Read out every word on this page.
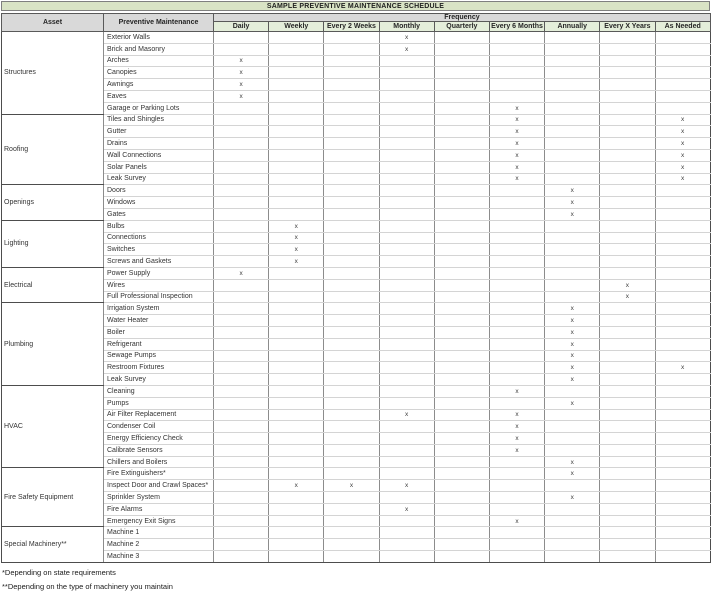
SAMPLE PREVENTIVE MAINTENANCE SCHEDULE
Asset	Preventive Maintenance	Frequency								
		Daily	Weekly	Every 2 Weeks	Monthly	Quarterly	Every 6 Months	Annually	Every X Years	As Needed
Structures	Exterior Walls				x					
	Brick and Masonry				x					
	Arches	x								
	Canopies	x								
	Awnings	x								
	Eaves	x								
	Garage or Parking Lots						x			
Roofing	Tiles and Shingles						x			x
	Gutter						x			x
	Drains						x			x
	Wall Connections						x			x
	Solar Panels						x			x
	Leak Survey						x			x
Openings	Doors							x		
	Windows							x		
	Gates							x		
Lighting	Bulbs		x							
	Connections		x							
	Switches		x							
	Screws and Gaskets		x							
Electrical	Power Supply	x								
	Wires								x	
	Full Professional Inspection								x	
Plumbing	Irrigation System							x		
	Water Heater							x		
	Boiler							x		
	Refrigerant							x		
	Sewage Pumps							x		
	Restroom Fixtures							x		x
	Leak Survey							x		
HVAC	Cleaning						x			
	Pumps							x		
	Air Filter Replacement				x		x			
	Condenser Coil						x			
	Energy Efficiency Check						x			
	Calibrate Sensors						x			
	Chillers and Boilers							x		
Fire Safety Equipment	Fire Extinguishers*							x		
	Inspect Door and Crawl Spaces*		x	x	x					
	Sprinkler System							x		
	Fire Alarms				x					
	Emergency Exit Signs						x			
Special Machinery**	Machine 1									
	Machine 2									
	Machine 3									
*Depending on state requirements
**Depending on the type of machinery you maintain
